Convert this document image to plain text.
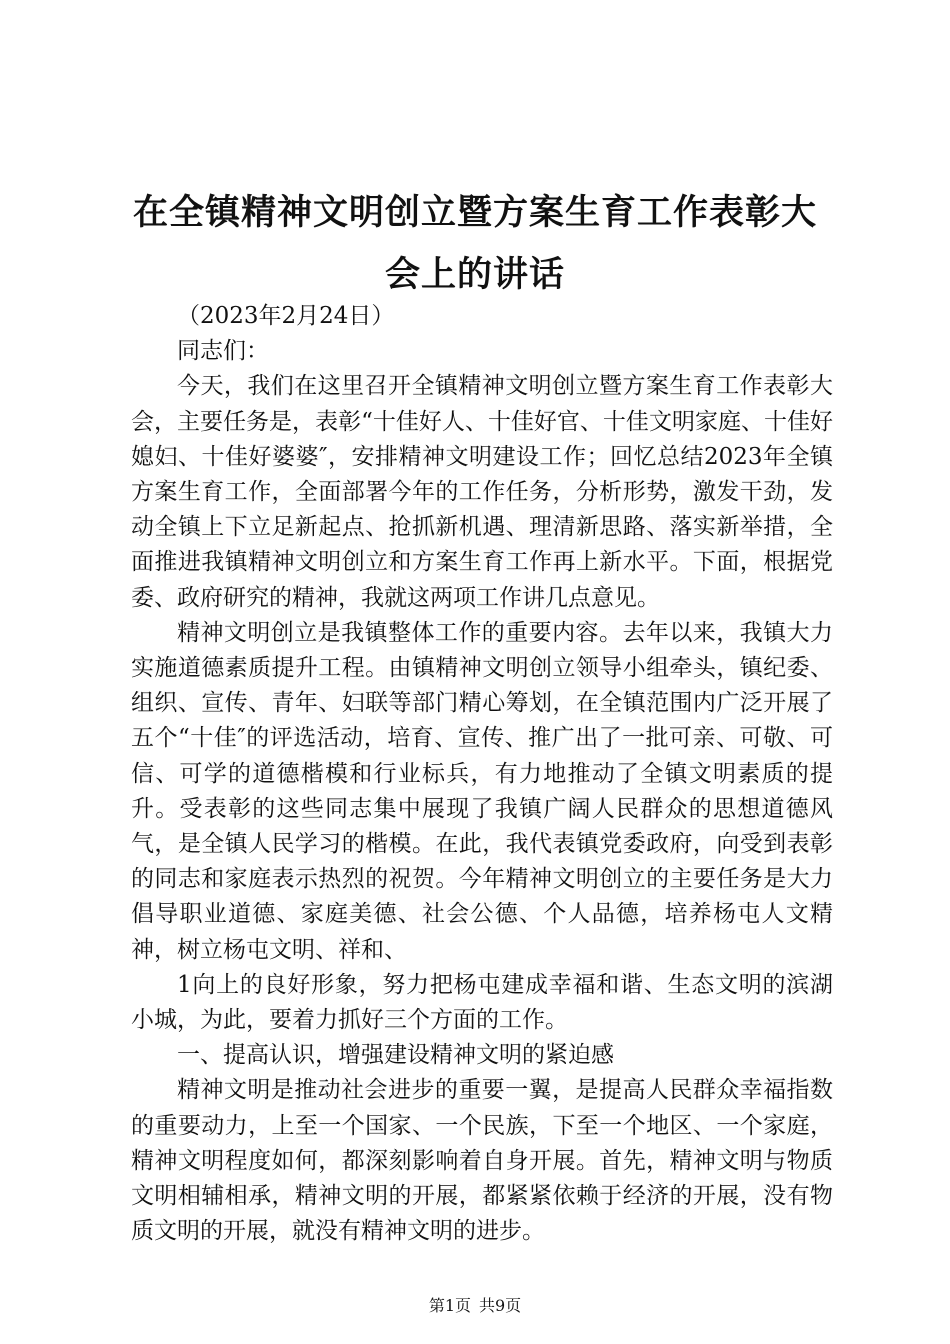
在全镇精神文明创立暨方案生育工作表彰大会上的讲话

（2023年2月24日）

同志们：

今天，我们在这里召开全镇精神文明创立暨方案生育工作表彰大会，主要任务是，表彰“十佳好人、十佳好官、十佳文明家庭、十佳好媳妇、十佳好婆婆″，安排精神文明建设工作；回忆总结2023年全镇方案生育工作，全面部署今年的工作任务，分析形势，激发干劲，发动全镇上下立足新起点、抢抓新机遇、理清新思路、落实新举措，全面推进我镇精神文明创立和方案生育工作再上新水平。下面，根据党委、政府研究的精神，我就这两项工作讲几点意见。

精神文明创立是我镇整体工作的重要内容。去年以来，我镇大力实施道德素质提升工程。由镇精神文明创立领导小组牵头，镇纪委、组织、宣传、青年、妇联等部门精心筹划，在全镇范围内广泛开展了五个“十佳″的评选活动，培育、宣传、推广出了一批可亲、可敬、可信、可学的道德楷模和行业标兵，有力地推动了全镇文明素质的提升。受表彰的这些同志集中展现了我镇广阔人民群众的思想道德风气，是全镇人民学习的楷模。在此，我代表镇党委政府，向受到表彰的同志和家庭表示热烈的祝贺。今年精神文明创立的主要任务是大力倡导职业道德、家庭美德、社会公德、个人品德，培养杨屯人文精神，树立杨屯文明、祥和、

1向上的良好形象，努力把杨屯建成幸福和谐、生态文明的滨湖小城，为此，要着力抓好三个方面的工作。

一、提高认识，增强建设精神文明的紧迫感

精神文明是推动社会进步的重要一翼，是提高人民群众幸福指数的重要动力，上至一个国家、一个民族，下至一个地区、一个家庭，精神文明程度如何，都深刻影响着自身开展。首先，精神文明与物质文明相辅相承，精神文明的开展，都紧紧依赖于经济的开展，没有物质文明的开展，就没有精神文明的进步。

第1页 共9页
